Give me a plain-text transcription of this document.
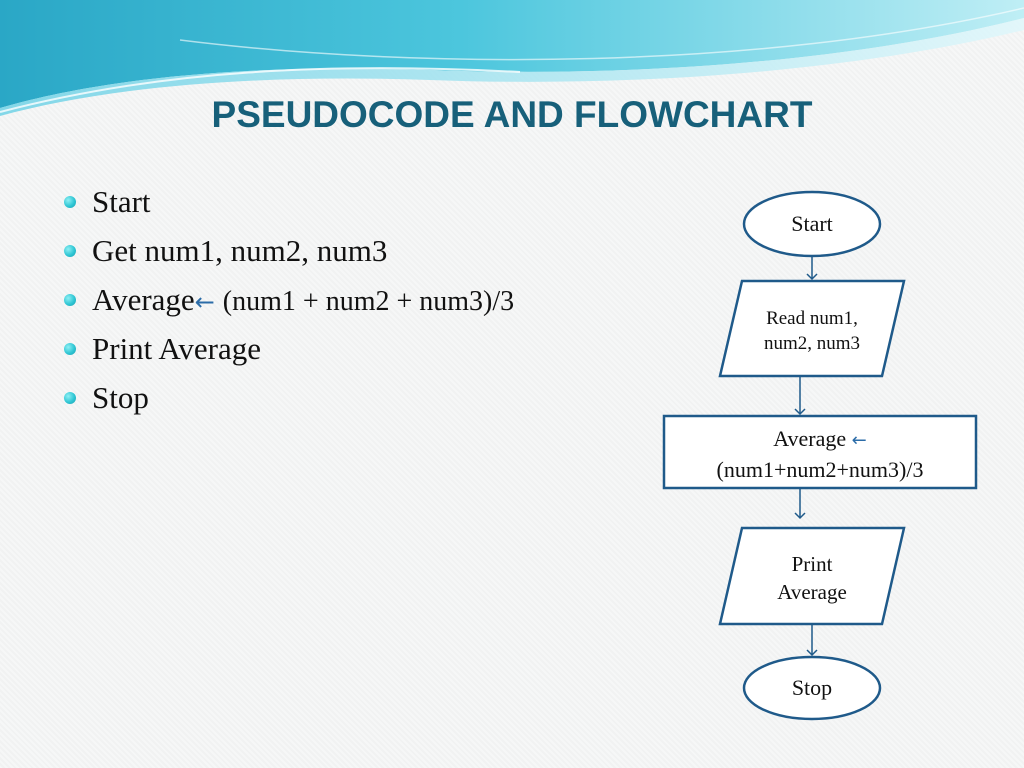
PSEUDOCODE AND FLOWCHART
Start
Get num1, num2, num3
Average← (num1 + num2 + num3)/3
Print Average
Stop
Start
Read num1,
num2, num3
Average ←
(num1+num2+num3)/3
Print
Average
Stop
